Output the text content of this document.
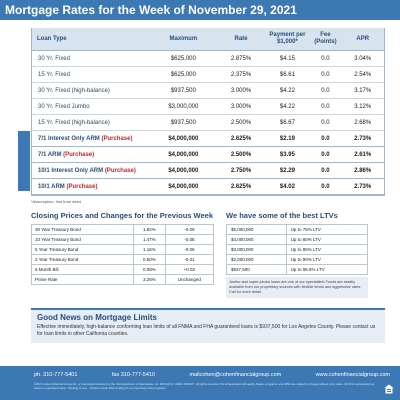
Mortgage Rates for the Week of November 29, 2021
Loan Type	Maximum	Rate	Payment per $1,000*	Fee (Points)	APR
30 Yr. Fixed	$625,000	2.875%	$4.15	0.0	3.04%
15 Yr. Fixed	$625,000	2.375%	$6.61	0.0	2.54%
30 Yr. Fixed (high-balance)	$937,500	3.000%	$4.22	0.0	3.17%
30 Yr. Fixed Jumbo	$3,000,000	3.000%	$4.22	0.0	3.12%
15 Yr. Fixed (high-balance)	$937,500	2.500%	$6.67	0.0	2.68%

7/1 Interest Only ARM (Purchase)	$4,000,000	2.625%	$2.19	0.0	2.73%
7/1 ARM (Purchase)	$4,000,000	2.500%	$3.95	0.0	2.61%
10/1 Interest Only ARM (Purchase)	$4,000,000	2.750%	$2.29	0.0	2.86%
10/1 ARM (Purchase)	$4,000,000	2.625%	$4.02	0.0	2.73%
*Assumption: first trust deed
Closing Prices and Changes for the Previous Week
30 Year Treasury Bond	1.82%	-0.09
10 Year Treasury Bond	1.47%	-0.08
5 Year Treasury Bond	1.16%	-0.06
2 Year Treasury Bond	0.50%	-0.01
6 Month Bill	0.08%	+0.02
Prime Rate	3.25%	Unchanged
We have some of the best LTVs
$5,000,000	Up to 75% LTV
$4,000,000	Up to 80% LTV
$3,000,000	Up to 85% LTV
$2,000,000	Up to 90% LTV
$937,500	Up to 96.5% LTV
Jumbo and super-jumbo loans are one of our specialties! Funds are readily available from our proprietary sources with flexible terms and aggressive rates. Call for more detail.
Good News on Mortgage Limits
Effective immediately, high-balance conforming loan limits of all FNMA and FHA guaranteed loans is $937,500 for Los Angeles County. Please contact us for loan limits in other California counties.
ph. 310-777-5401	fax 310-777-5410	mailcohen@cohenfinancialgroup.com	www.cohenfinancialgroup.com
©2021 Cohen Financial Group Inc., a Corporation licensed by the CA Department of Real Estate, Lic. #01311742. NMLS #332477. All rights reserved. Not all applicants will qualify. Rates, programs, and APRs are subject to change without prior notice. All CFG represented are based on appraised value. Thinking of one – October Guide 2021 lending of our proprietary loan programs.
